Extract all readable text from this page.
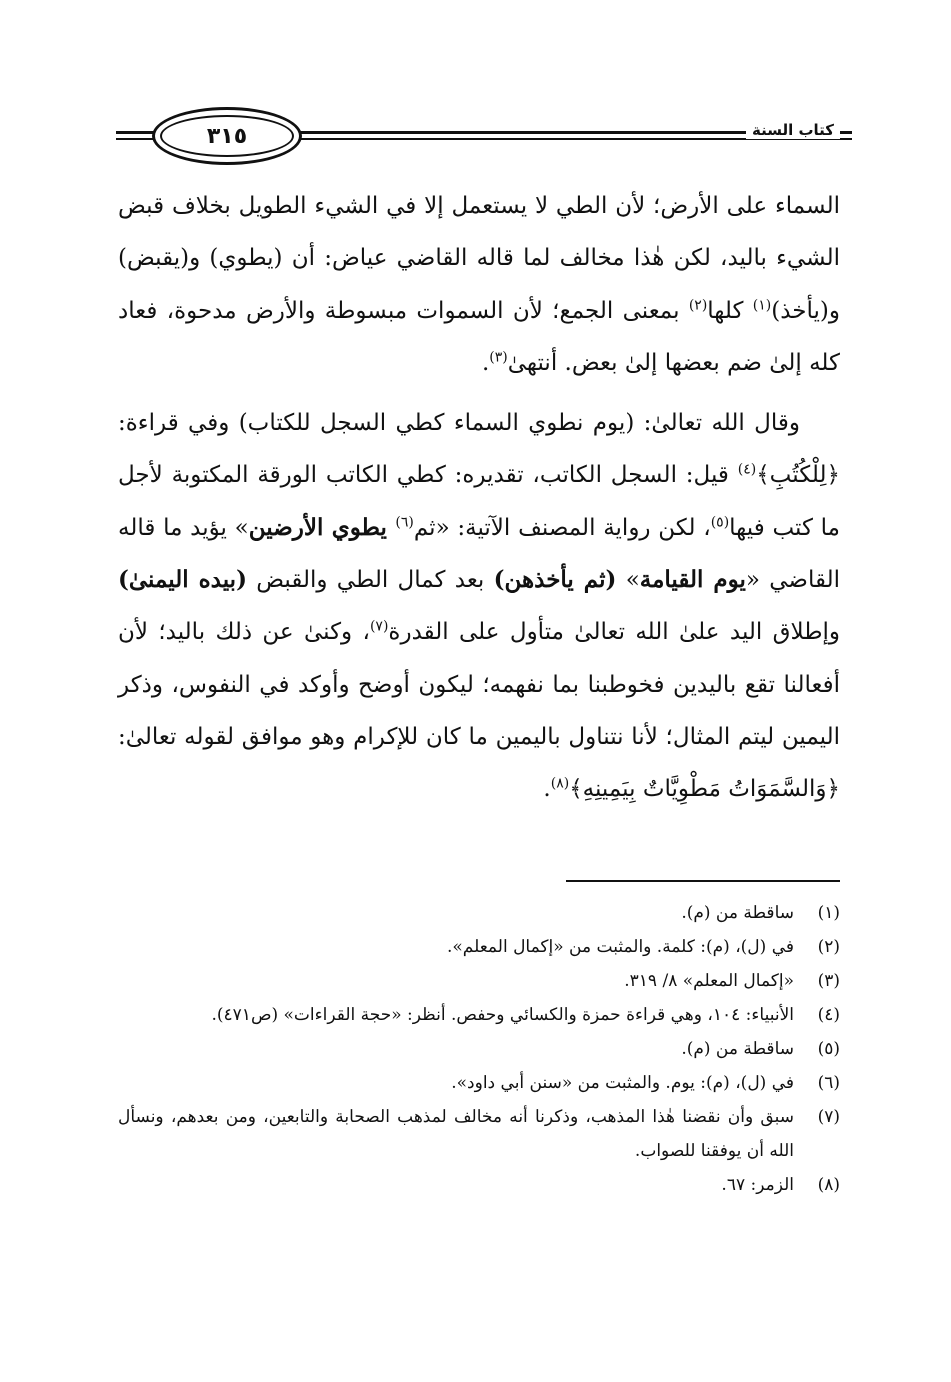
٣١٥	كتاب السنة

السماء على الأرض؛ لأن الطي لا يستعمل إلا في الشيء الطويل بخلاف قبض الشيء باليد، لكن هٰذا مخالف لما قاله القاضي عياض: أن (يطوي) و(يقبض) و(يأخذ)$^{(١)}$ كلها$^{(٢)}$ بمعنى الجمع؛ لأن السموات مبسوطة والأرض مدحوة، فعاد كله إلىٰ ضم بعضها إلىٰ بعض. أنتهىٰ$^{(٣)}$.

وقال الله تعالىٰ: (يوم نطوي السماء كطي السجل للكتاب) وفي قراءة: ﴿لِلْكُتُبِ﴾$^{(٤)}$ قيل: السجل الكاتب، تقديره: كطي الكاتب الورقة المكتوبة لأجل ما كتب فيها$^{(٥)}$، لكن رواية المصنف الآتية: «ثم$^{(٦)}$ يطوي الأرضين» يؤيد ما قاله القاضي «يوم القيامة» (ثم يأخذهن) بعد كمال الطي والقبض (بيده اليمنىٰ) وإطلاق اليد علىٰ الله تعالىٰ متأول على القدرة$^{(٧)}$، وكنىٰ عن ذلك باليد؛ لأن أفعالنا تقع باليدين فخوطبنا بما نفهمه؛ ليكون أوضح وأوكد في النفوس، وذكر اليمين ليتم المثال؛ لأنا نتناول باليمين ما كان للإكرام وهو موافق لقوله تعالىٰ: ﴿وَالسَّمَوَاتُ مَطْوِيَّاتٌ بِيَمِينِهِ﴾$^{(٨)}$.

(١)
ساقطة من (م).
(٢)
في (ل)، (م): كلمة. والمثبت من «إكمال المعلم».
(٣)
«إكمال المعلم» ٨/ ٣١٩.
(٤)
الأنبياء: ١٠٤، وهي قراءة حمزة والكسائي وحفص. أنظر: «حجة القراءات» (ص٤٧١).
(٥)
ساقطة من (م).
(٦)
في (ل)، (م): يوم. والمثبت من «سنن أبي داود».
(٧)
سبق وأن نقضنا هٰذا المذهب، وذكرنا أنه مخالف لمذهب الصحابة والتابعين، ومن بعدهم، ونسأل الله أن يوفقنا للصواب.
(٨)
الزمر: ٦٧.
